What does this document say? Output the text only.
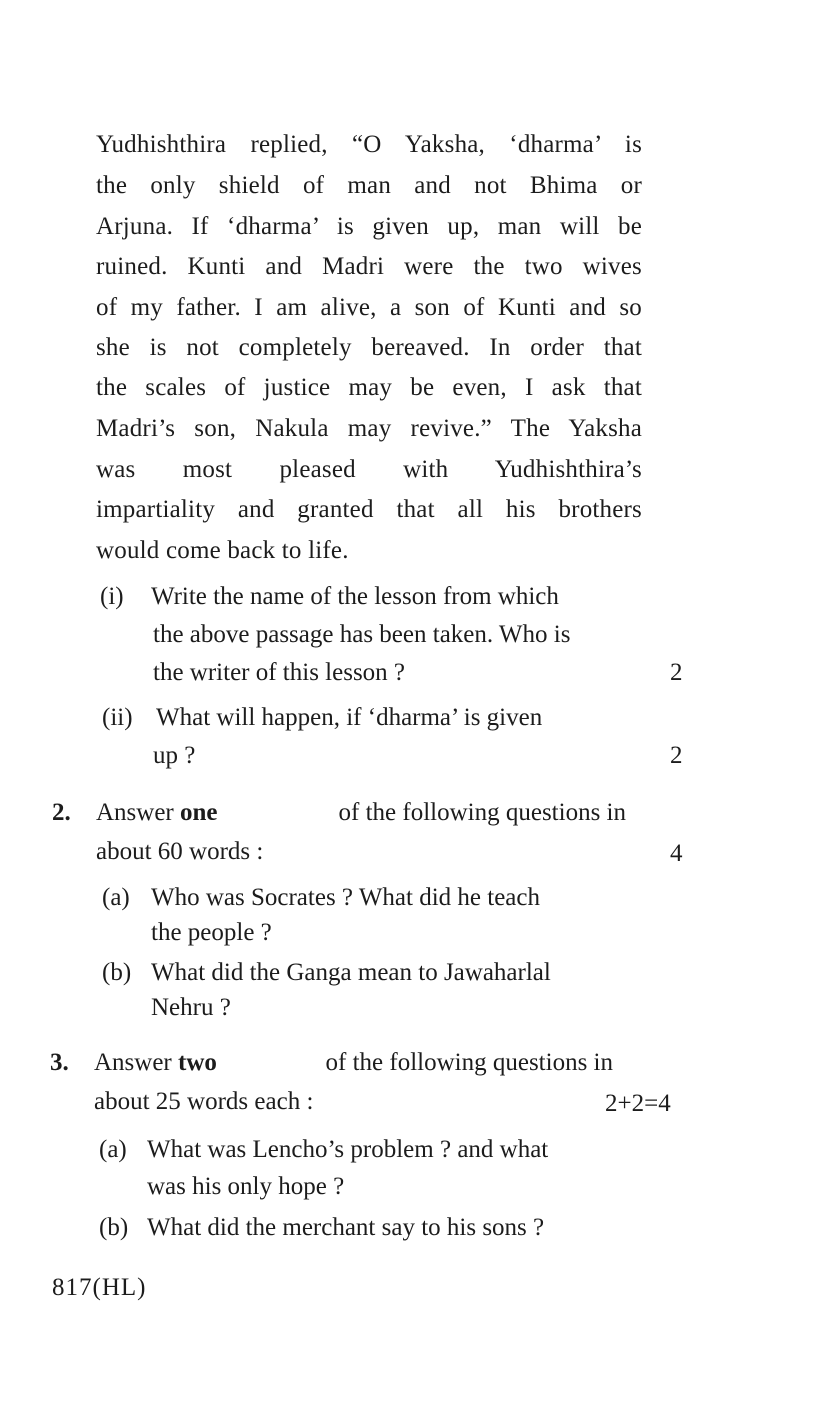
Yudhishthira replied, “O Yaksha, ‘dharma’ is
the only shield of man and not Bhima or
Arjuna. If ‘dharma’ is given up, man will be
ruined. Kunti and Madri were the two wives
of my father. I am alive, a son of Kunti and so
she is not completely bereaved. In order that
the scales of justice may be even, I ask that
Madri’s son, Nakula may revive.” The Yaksha
was most pleased with Yudhishthira’s
impartiality and granted that all his brothers
would come back to life.
(i) Write the name of the lesson from which
the above passage has been taken. Who is
the writer of this lesson ?	2
(ii) What will happen, if ‘dharma’ is given
up ?	2
2. Answer one	of the following questions in
about 60 words :	4
(a) Who was Socrates ? What did he teach
the people ?
(b) What did the Ganga mean to Jawaharlal
Nehru ?
3. Answer two	of the following questions in
about 25 words each :	2+2=4
(a) What was Lencho’s problem ? and what
was his only hope ?
(b) What did the merchant say to his sons ?
817(HL)
